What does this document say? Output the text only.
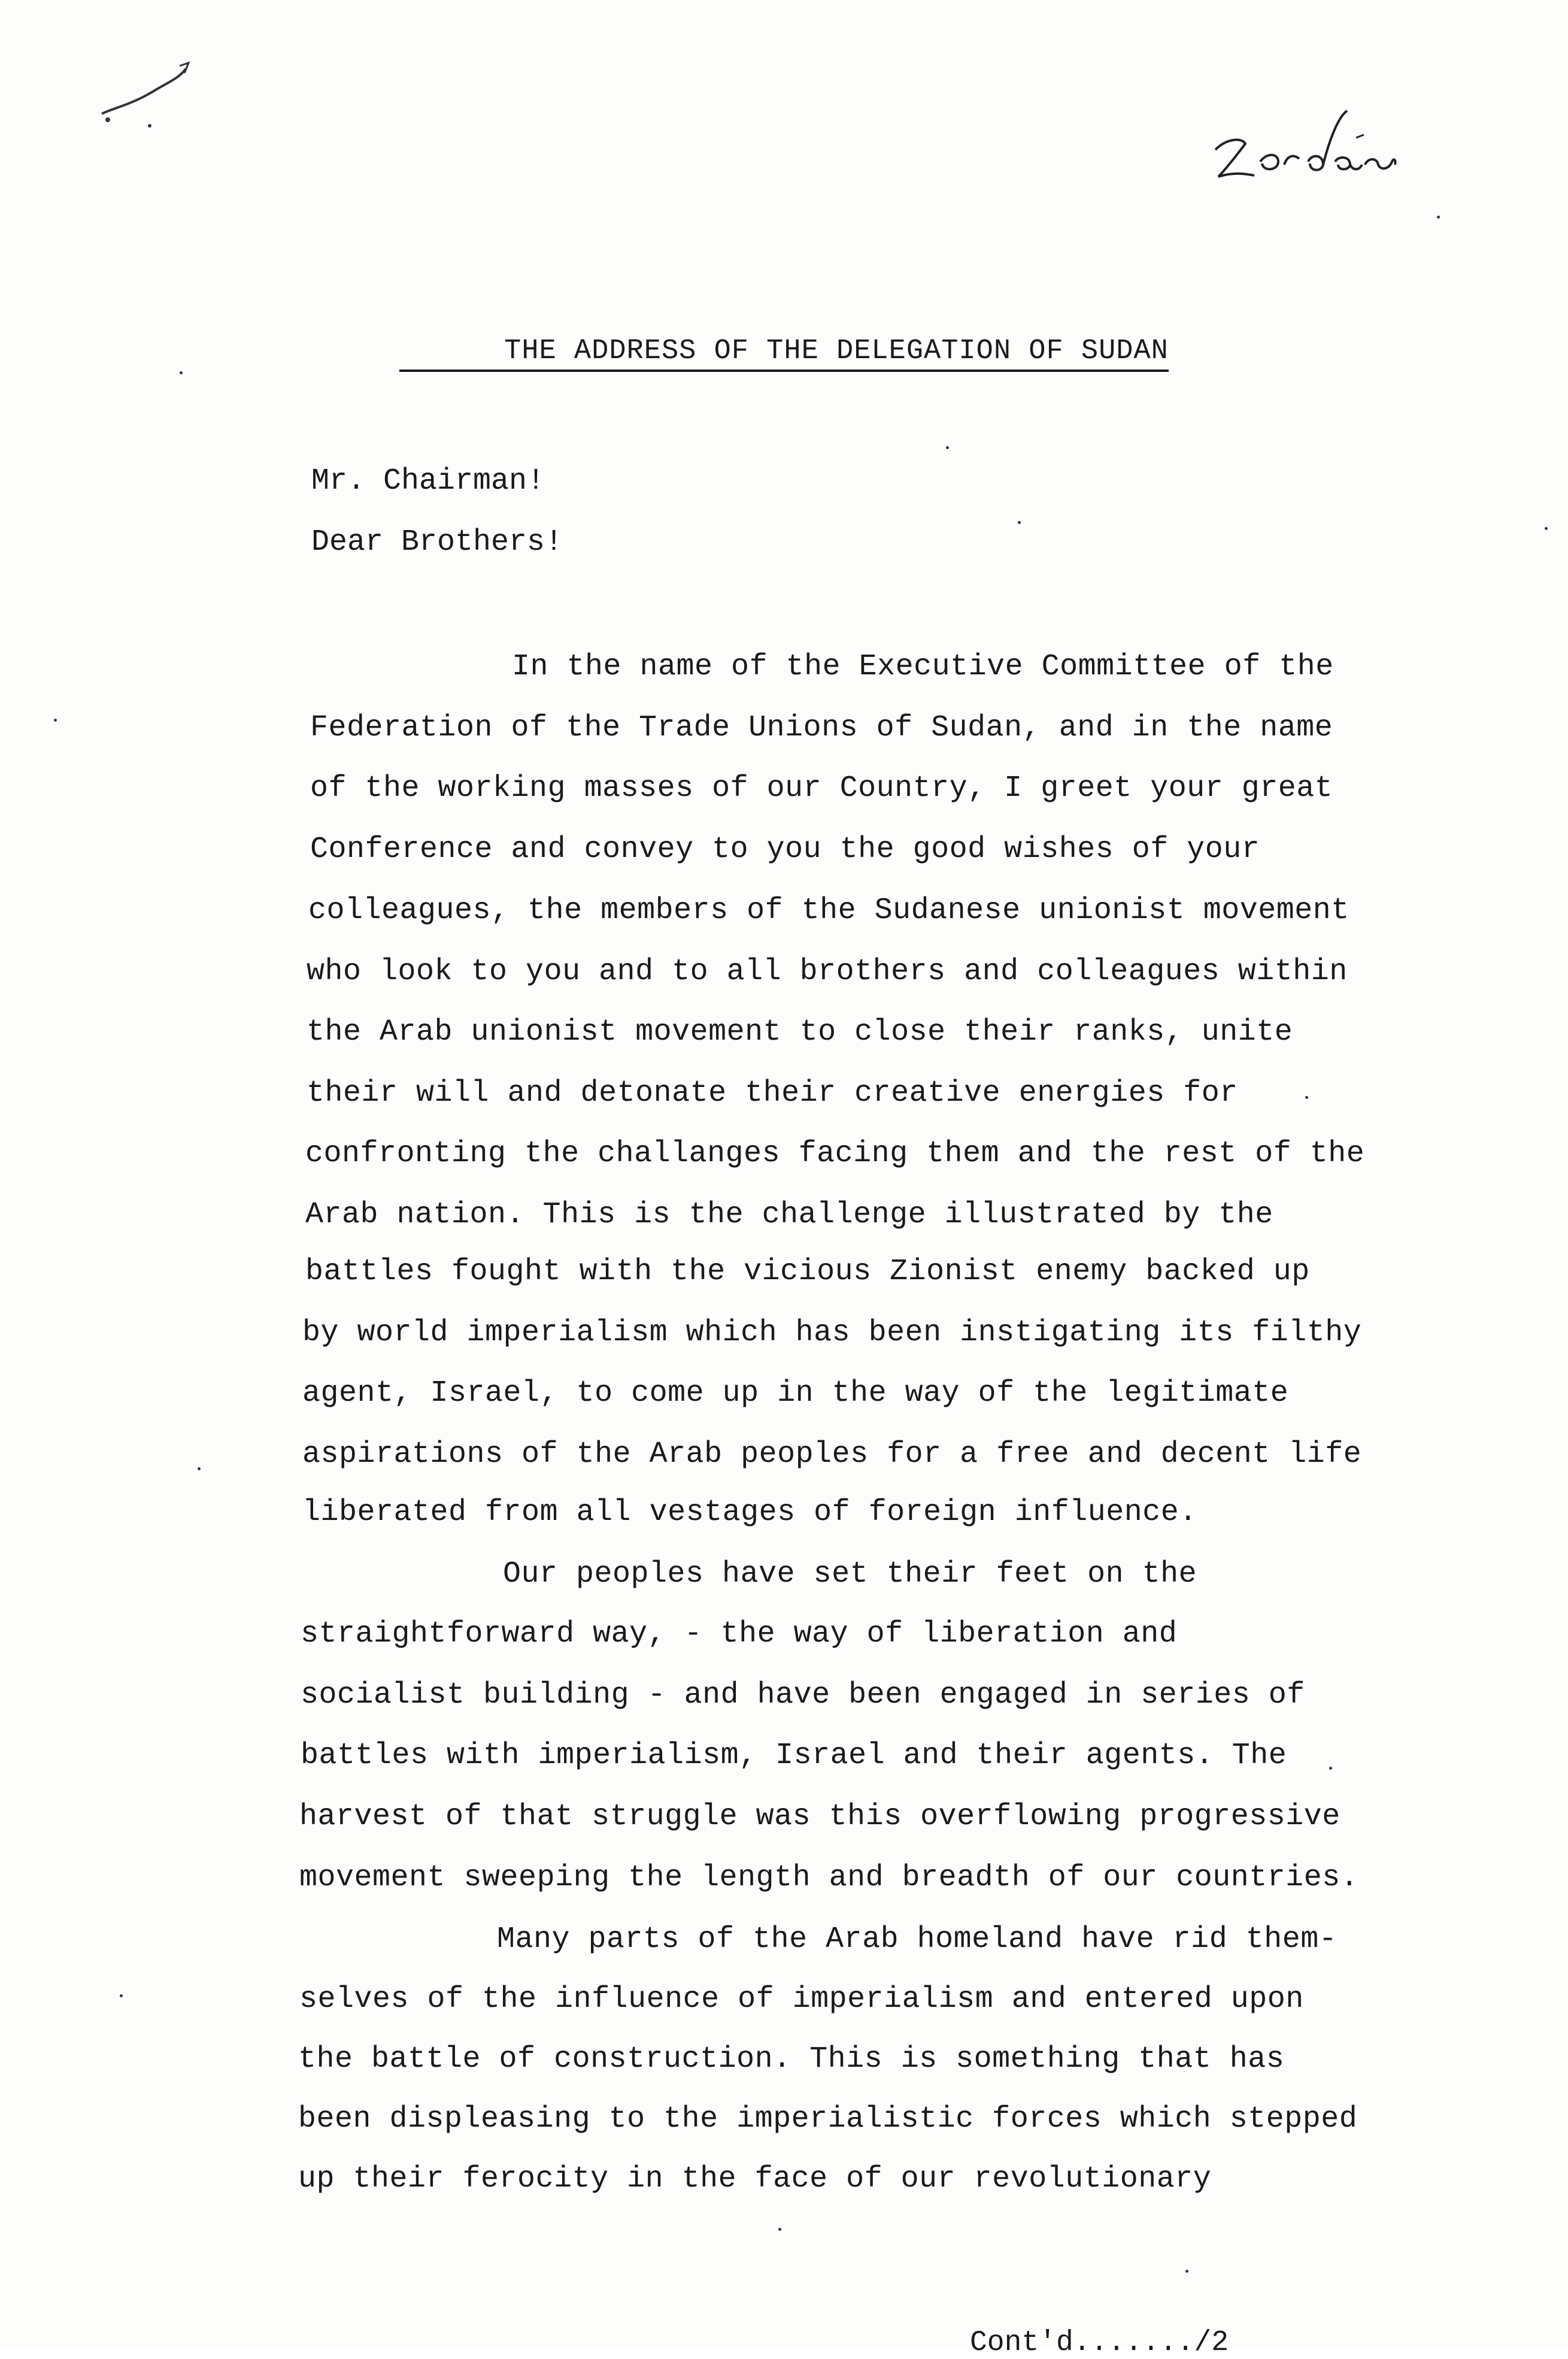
THE ADDRESS OF THE DELEGATION OF SUDAN
Mr. Chairman!
Dear Brothers!
In the name of the Executive Committee of the
Federation of the Trade Unions of Sudan, and in the name
of the working masses of our Country, I greet your great
Conference and convey to you the good wishes of your
colleagues, the members of the Sudanese unionist movement
who look to you and to all brothers and colleagues within
the Arab unionist movement to close their ranks, unite
their will and detonate their creative energies for
confronting the challanges facing them and the rest of the
Arab nation. This is the challenge illustrated by the
battles fought with the vicious Zionist enemy backed up
by world imperialism which has been instigating its filthy
agent, Israel, to come up in the way of the legitimate
aspirations of the Arab peoples for a free and decent life
liberated from all vestages of foreign influence.
Our peoples have set their feet on the
straightforward way, - the way of liberation and
socialist building - and have been engaged in series of
battles with imperialism, Israel and their agents. The
harvest of that struggle was this overflowing progressive
movement sweeping the length and breadth of our countries.
Many parts of the Arab homeland have rid them-
selves of the influence of imperialism and entered upon
the battle of construction. This is something that has
been displeasing to the imperialistic forces which stepped
up their ferocity in the face of our revolutionary
Cont'd......./2
